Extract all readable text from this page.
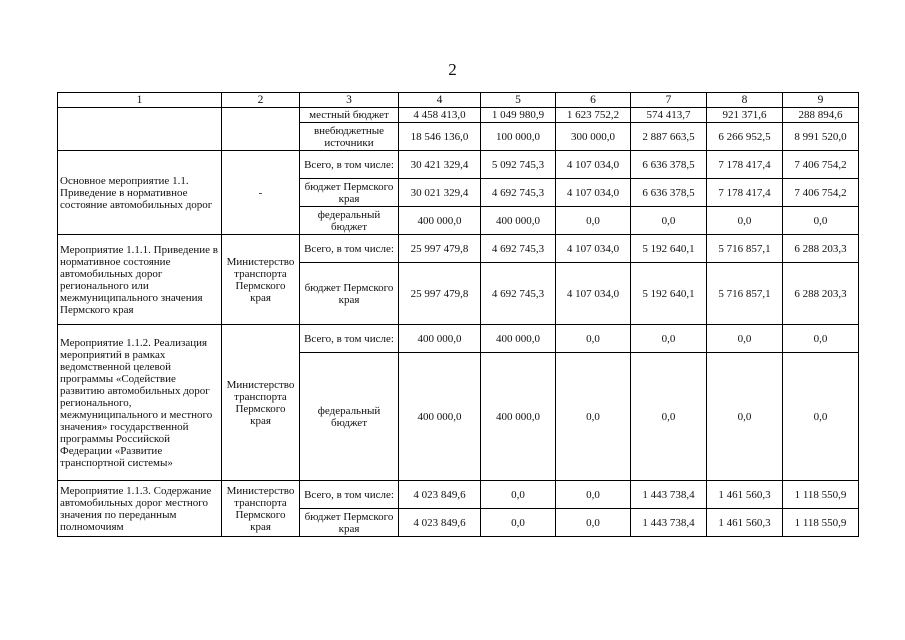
2
1	2	3	4	5	6	7	8	9
		местный бюджет	4 458 413,0	1 049 980,9	1 623 752,2	574 413,7	921 371,6	288 894,6
		внебюджетные источники	18 546 136,0	100 000,0	300 000,0	2 887 663,5	6 266 952,5	8 991 520,0
Основное мероприятие 1.1. Приведение в нормативное состояние автомобильных дорог	-	Всего, в том числе:	30 421 329,4	5 092 745,3	4 107 034,0	6 636 378,5	7 178 417,4	7 406 754,2
		бюджет Пермского края	30 021 329,4	4 692 745,3	4 107 034,0	6 636 378,5	7 178 417,4	7 406 754,2
		федеральный бюджет	400 000,0	400 000,0	0,0	0,0	0,0	0,0
Мероприятие 1.1.1. Приведение в нормативное состояние автомобильных дорог регионального или межмуниципального значения Пермского края	Министерство транспорта Пермского края	Всего, в том числе:	25 997 479,8	4 692 745,3	4 107 034,0	5 192 640,1	5 716 857,1	6 288 203,3
		бюджет Пермского края	25 997 479,8	4 692 745,3	4 107 034,0	5 192 640,1	5 716 857,1	6 288 203,3
Мероприятие 1.1.2. Реализация мероприятий в рамках ведомственной целевой программы «Содействие развитию автомобильных дорог регионального, межмуниципального и местного значения» государственной программы Российской Федерации «Развитие транспортной системы»	Министерство транспорта Пермского края	Всего, в том числе:	400 000,0	400 000,0	0,0	0,0	0,0	0,0
		федеральный бюджет	400 000,0	400 000,0	0,0	0,0	0,0	0,0
Мероприятие 1.1.3. Содержание автомобильных дорог местного значения по переданным полномочиям	Министерство транспорта Пермского края	Всего, в том числе:	4 023 849,6	0,0	0,0	1 443 738,4	1 461 560,3	1 118 550,9
		бюджет Пермского края	4 023 849,6	0,0	0,0	1 443 738,4	1 461 560,3	1 118 550,9
